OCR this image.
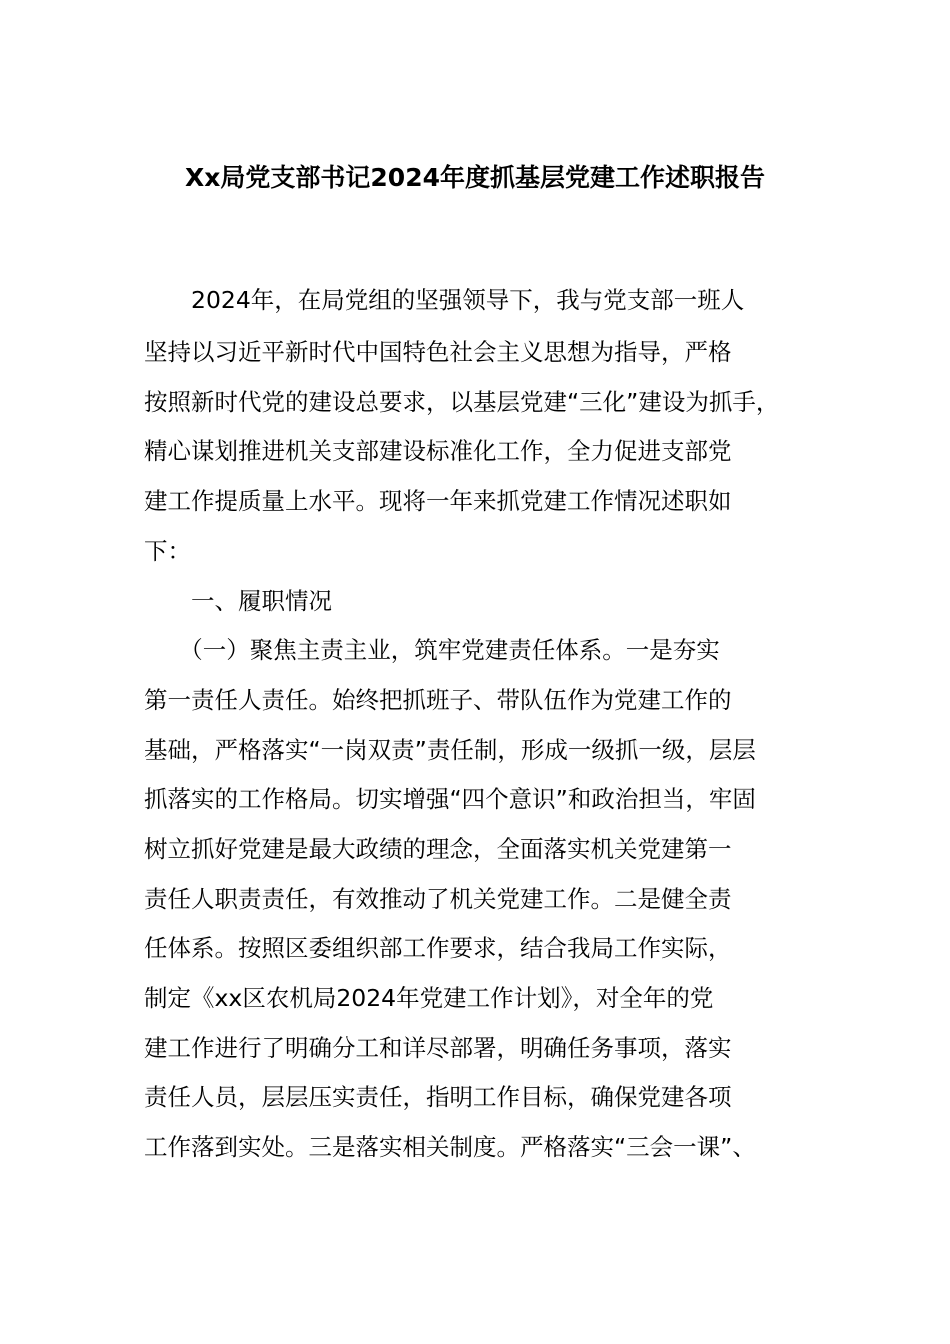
Xx局党支部书记2024年度抓基层党建工作述职报告
　　2024年，在局党组的坚强领导下，我与党支部一班人
坚持以习近平新时代中国特色社会主义思想为指导，严格
按照新时代党的建设总要求，以基层党建“三化”建设为抓手，
精心谋划推进机关支部建设标准化工作，全力促进支部党
建工作提质量上水平。现将一年来抓党建工作情况述职如
下：
　　一、履职情况
　　（一）聚焦主责主业，筑牢党建责任体系。一是夯实
第一责任人责任。始终把抓班子、带队伍作为党建工作的
基础，严格落实“一岗双责”责任制，形成一级抓一级，层层
抓落实的工作格局。切实增强“四个意识”和政治担当，牢固
树立抓好党建是最大政绩的理念，全面落实机关党建第一
责任人职责责任，有效推动了机关党建工作。二是健全责
任体系。按照区委组织部工作要求，结合我局工作实际，
制定《xx区农机局2024年党建工作计划》，对全年的党
建工作进行了明确分工和详尽部署，明确任务事项，落实
责任人员，层层压实责任，指明工作目标，确保党建各项
工作落到实处。三是落实相关制度。严格落实“三会一课”、
